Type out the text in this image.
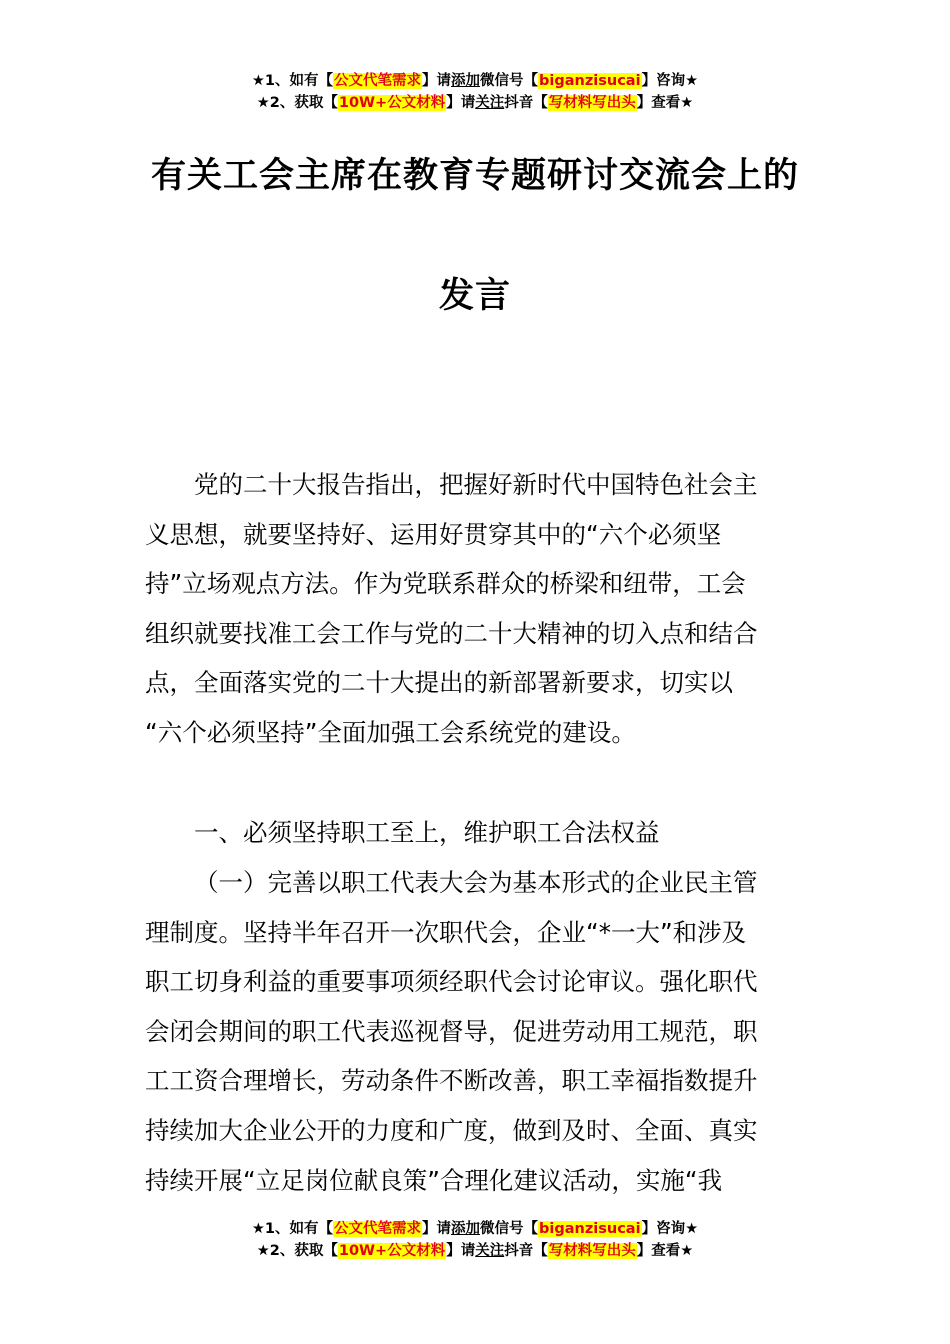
★1、如有【公文代笔需求】请添加微信号【biganzisucai】咨询★
★2、获取【10W+公文材料】请关注抖音【写材料写出头】查看★
有关工会主席在教育专题研讨交流会上的
发言
党的二十大报告指出，把握好新时代中国特色社会主
义思想，就要坚持好、运用好贯穿其中的“六个必须坚
持”立场观点方法。作为党联系群众的桥梁和纽带，工会
组织就要找准工会工作与党的二十大精神的切入点和结合
点，全面落实党的二十大提出的新部署新要求，切实以
“六个必须坚持”全面加强工会系统党的建设。
一、必须坚持职工至上，维护职工合法权益
（一）完善以职工代表大会为基本形式的企业民主管
理制度。坚持半年召开一次职代会，企业“*一大”和涉及
职工切身利益的重要事项须经职代会讨论审议。强化职代
会闭会期间的职工代表巡视督导，促进劳动用工规范，职
工工资合理增长，劳动条件不断改善，职工幸福指数提升
持续加大企业公开的力度和广度，做到及时、全面、真实
持续开展“立足岗位献良策”合理化建议活动，实施“我
★1、如有【公文代笔需求】请添加微信号【biganzisucai】咨询★
★2、获取【10W+公文材料】请关注抖音【写材料写出头】查看★
